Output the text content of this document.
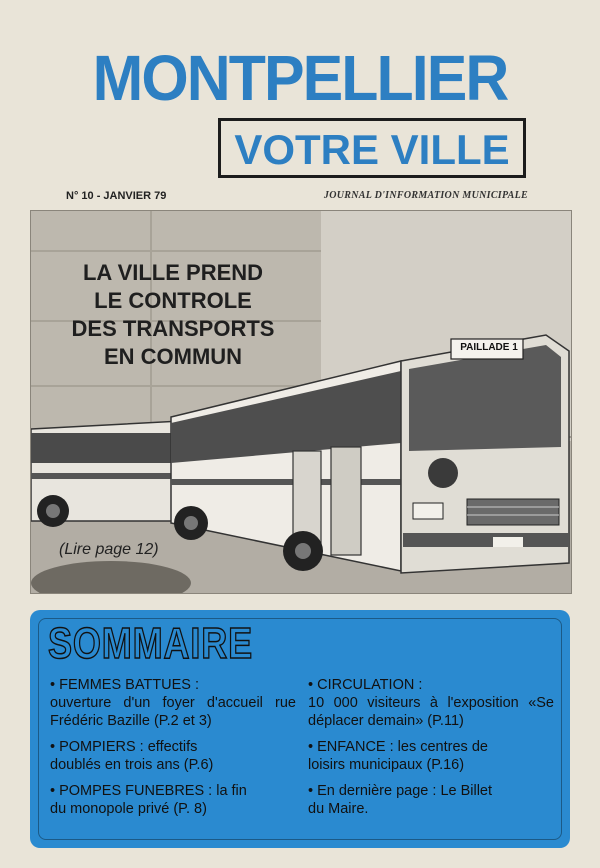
MONTPELLIER
VOTRE VILLE
N° 10 - JANVIER 79	JOURNAL D'INFORMATION MUNICIPALE
PAILLADE 1
LA VILLE PREND
LE CONTROLE
DES TRANSPORTS
EN COMMUN
(Lire page 12)
SOMMAIRE
• FEMMES BATTUES :
ouverture d'un foyer d'accueil rue Frédéric Bazille (P.2 et 3)
• POMPIERS : effectifs
doublés en trois ans (P.6)
• POMPES FUNEBRES : la fin
du monopole privé (P. 8)
• CIRCULATION :
10 000 visiteurs à l'exposition «Se déplacer demain» (P.11)
• ENFANCE : les centres de
loisirs municipaux (P.16)
• En dernière page : Le Billet
du Maire.
